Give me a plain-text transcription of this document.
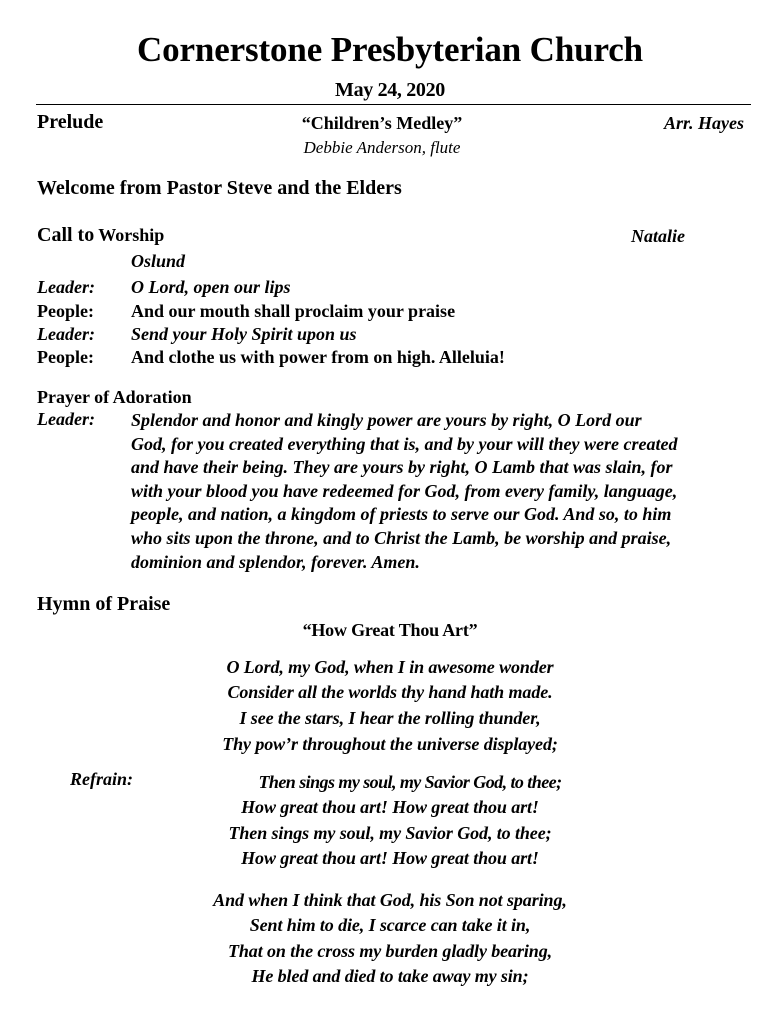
Cornerstone Presbyterian Church
May 24, 2020
Prelude	“Children’s Medley”	Arr. Hayes
Debbie Anderson, flute
Welcome from Pastor Steve and the Elders
Call to Worship	Natalie
Oslund
Leader: O Lord, open our lips
People: And our mouth shall proclaim your praise
Leader: Send your Holy Spirit upon us
People: And clothe us with power from on high. Alleluia!
Prayer of Adoration
Leader: Splendor and honor and kingly power are yours by right, O Lord our
God, for you created everything that is, and by your will they were created
and have their being. They are yours by right, O Lamb that was slain, for
with your blood you have redeemed for God, from every family, language,
people, and nation, a kingdom of priests to serve our God. And so, to him
who sits upon the throne, and to Christ the Lamb, be worship and praise,
dominion and splendor, forever. Amen.
Hymn of Praise
“How Great Thou Art”
O Lord, my God, when I in awesome wonder
Consider all the worlds thy hand hath made.
I see the stars, I hear the rolling thunder,
Thy pow’r throughout the universe displayed;
Refrain:	Then sings my soul, my Savior God, to thee;
How great thou art! How great thou art!
Then sings my soul, my Savior God, to thee;
How great thou art! How great thou art!
And when I think that God, his Son not sparing,
Sent him to die, I scarce can take it in,
That on the cross my burden gladly bearing,
He bled and died to take away my sin;
